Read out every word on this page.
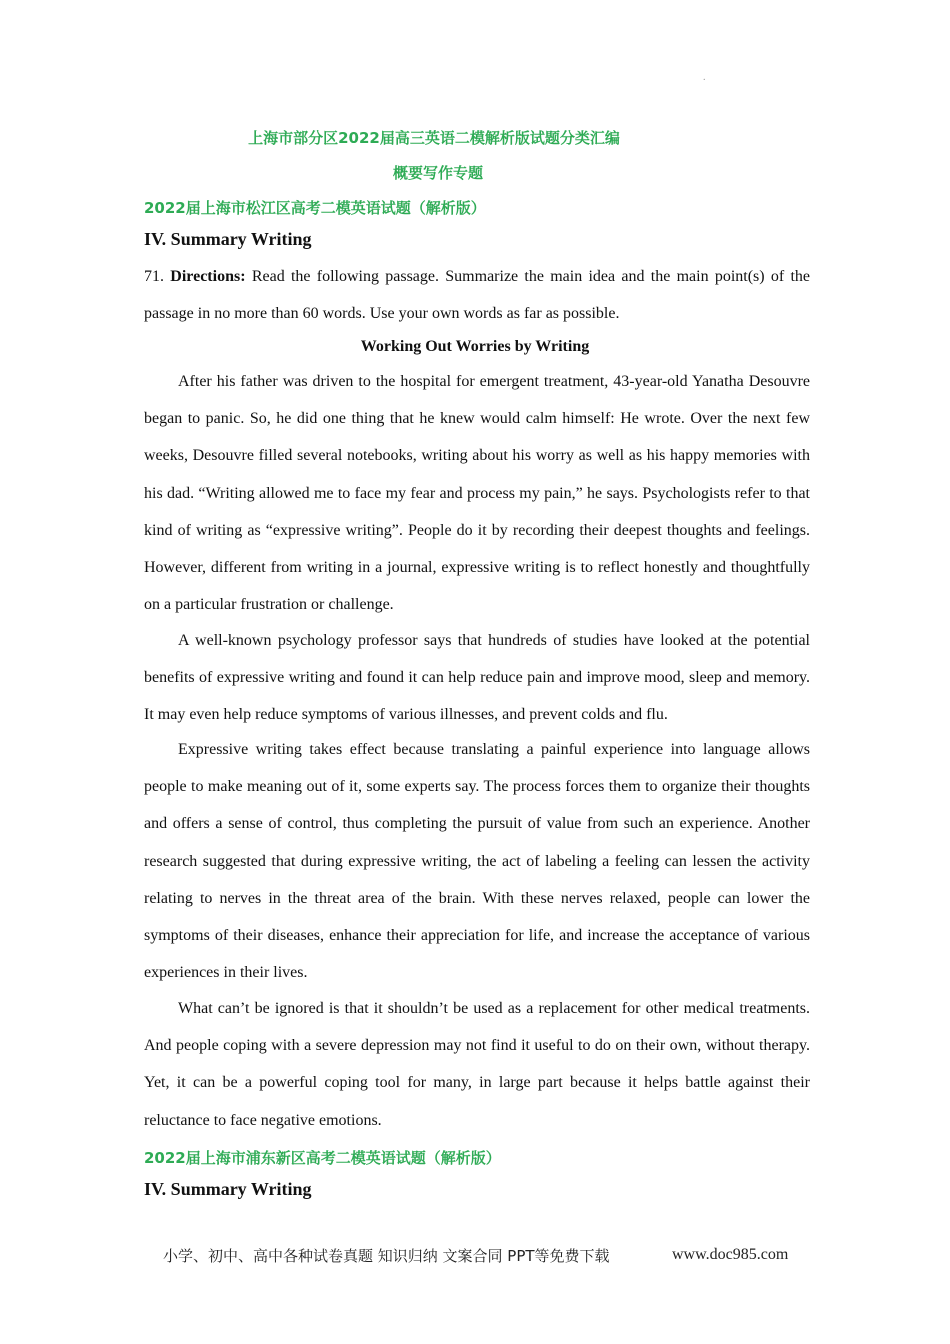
.
上海市部分区2022届高三英语二模解析版试题分类汇编
概要写作专题
2022届上海市松江区高考二模英语试题（解析版）
IV. Summary Writing
71. Directions: Read the following passage. Summarize the main idea and the main point(s) of the passage in no more than 60 words. Use your own words as far as possible.
Working Out Worries by Writing

After his father was driven to the hospital for emergent treatment, 43-year-old Yanatha Desouvre began to panic. So, he did one thing that he knew would calm himself: He wrote. Over the next few weeks, Desouvre filled several notebooks, writing about his worry as well as his happy memories with his dad. “Writing allowed me to face my fear and process my pain,” he says. Psychologists refer to that kind of writing as “expressive writing”. People do it by recording their deepest thoughts and feelings. However, different from writing in a journal, expressive writing is to reflect honestly and thoughtfully on a particular frustration or challenge.

A well-known psychology professor says that hundreds of studies have looked at the potential benefits of expressive writing and found it can help reduce pain and improve mood, sleep and memory. It may even help reduce symptoms of various illnesses, and prevent colds and flu.

Expressive writing takes effect because translating a painful experience into language allows people to make meaning out of it, some experts say. The process forces them to organize their thoughts and offers a sense of control, thus completing the pursuit of value from such an experience. Another research suggested that during expressive writing, the act of labeling a feeling can lessen the activity relating to nerves in the threat area of the brain. With these nerves relaxed, people can lower the symptoms of their diseases, enhance their appreciation for life, and increase the acceptance of various experiences in their lives.

What can’t be ignored is that it shouldn’t be used as a replacement for other medical treatments. And people coping with a severe depression may not find it useful to do on their own, without therapy. Yet, it can be a powerful coping tool for many, in large part because it helps battle against their reluctance to face negative emotions.

2022届上海市浦东新区高考二模英语试题（解析版）
IV. Summary Writing
小学、初中、高中各种试卷真题 知识归纳 文案合同 PPT等免费下载	www.doc985.com
